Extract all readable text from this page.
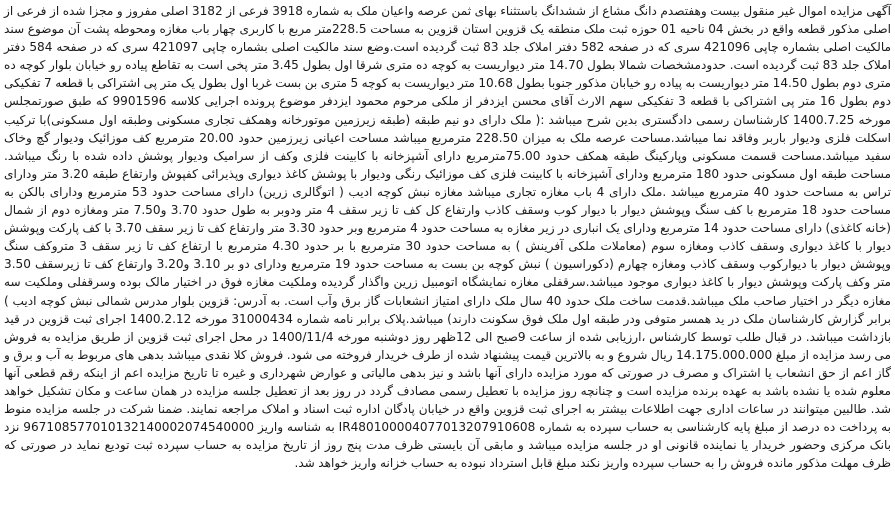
آگهی مزایده اموال غیر منقول بیست وهفتصدم دانگ مشاع از ششدانگ باستثناء بهای ثمن عرصه واعیان ملک به شماره 3918 فرعی از 3182 اصلی مفروز و مجزا شده از فرعی از اصلی مذکور قطعه واقع در بخش 04 ناحیه 01 حوزه ثبت ملک منطقه یک قزوین استان قزوین به مساحت 228.5متر مربع با کاربری چهار باب مغازه ومحوطه پشت آن موضوع سند مالکیت اصلی بشماره چاپی 421096 سری که در صفحه 582 دفتر املاک جلد 83 ثبت گردیده است.وضع سند مالکیت اصلی بشماره چاپی 421097 سری که در صفحه 584 دفتر املاک جلد 83 ثبت گردیده است. حدودمشخصات شمالا بطول 14.70 متر دیواریست به کوچه ده متری شرقا اول بطول 3.45 متر پخی است به تقاطع پیاده رو خیابان بلوار کوچه ده متری دوم بطول 14.50 متر دیواریست به پیاده رو خیابان مذکور جنوبا بطول 10.68 متر دیواریست به کوچه 5 متری بن بست غربا اول بطول یک متر پی اشتراکی با قطعه 7 تفکیکی دوم بطول 16 متر پی اشتراکی با قطعه 3 تفکیکی سهم الارث آقای محسن ایزدفر از ملکی مرحوم محمود ایزدفر موضوع پرونده اجرایی کلاسه 9901596 که طبق صورتمجلس مورخه 1400.7.25 کارشناسان رسمی دادگستری بدین شرح میباشد :( ملک دارای دو نیم طبقه (طبقه زیرزمین موتورخانه وهمکف تجاری مسکونی وطبقه اول مسکونی)با ترکیب اسکلت فلزی ودیوار باربر وفاقد نما میباشد.مساحت عرصه ملک به میزان 228.50 مترمربع میباشد مساحت اعیانی زیرزمین حدود 20.00 مترمربع کف موزائیک ودیوار گچ وخاک سفید میباشد.مساحت قسمت مسکونی وپارکینگ طبقه همکف حدود 75.00مترمربع دارای آشپزخانه با کابینت فلزی وکف از سرامیک ودیوار پوشش داده شده با رنگ میباشد. مساحت طبقه اول مسکونی حدود 180 مترمربع ودارای آشپزخانه با کابینت فلزی کف موزائیک رنگی ودیوار با پوشش کاغذ دیواری وپذیرائی کفپوش وارتفاع طبقه 3.20 متر ودارای تراس به مساحت حدود 40 مترمربع میباشد .ملک دارای 4 باب مغازه تجاری میباشد مغازه نبش کوچه ادیب ( اتوگالری زرین) دارای مساحت حدود 53 مترمربع ودارای بالکن به مساحت حدود 18 مترمربع با کف سنگ وپوشش دیوار با دیوار کوب وسقف کاذب وارتفاع کل کف تا زیر سقف 4 متر ودوبر به طول حدود 3.70 و7.50 متر ومغازه دوم از شمال (خانه کاغذی) دارای مساحت حدود 14 مترمربع ودارای یک انباری در زیر مغازه به مساحت حدود 4 مترمربع وبر حدود 3.30 متر وارتفاع کف تا زیر سقف 3.70 با کف پارکت وپوشش دیوار با کاغذ دیواری وسقف کاذب ومغازه سوم (معاملات ملکی آفرینش ) به مساحت حدود 30 مترمربع با بر حدود 4.30 مترمربع با ارتفاع کف تا زیر سقف 3 متروکف سنگ وپوشش دیوار با دیوارکوب وسقف کاذب ومغازه چهارم (دکوراسیون ) نبش کوچه بن بست به مساحت حدود 19 مترمربع ودارای دو بر 3.10 و3.20 وارتفاع کف تا زیرسقف 3.50 متر وکف پارکت وپوشش دیوار با کاغذ دیواری موجود میباشد.سرقفلی مغازه نمایشگاه اتومبیل زرین واگذار گردیده وملکیت مغازه فوق در اختیار مالک بوده وسرقفلی وملکیت سه مغازه دیگر در اختیار صاحب ملک میباشد.قدمت ساخت ملک حدود 40 سال ملک دارای امتیاز انشعابات گاز برق وآب است. به آدرس: قزوین بلوار مدرس شمالی نبش کوچه ادیب ) برابر گزارش کارشناسان ملک در ید همسر متوفی ودر طبقه اول ملک فوق سکونت دارند) میباشد.پلاک برابر نامه شماره 31000434 مورخه 1400.2.12 اجرای ثبت قزوین در قید بازداشت میباشد. در قبال طلب توسط کارشناس ،ارزیابی شده از ساعت 9صبح الی 12ظهر روز دوشنبه مورخه 1400/11/4 در محل اجرای ثبت قزوین از طریق مزایده به فروش می رسد مزایده از مبلغ 14.175.000.000 ریال شروع و به بالاترین قیمت پیشنهاد شده از طرف خریدار فروخته می شود. فروش کلا نقدی میباشد بدهی های مربوط به آب و برق و گاز اعم از حق انشعاب یا اشتراک و مصرف در صورتی که مورد مزایده دارای آنها باشد و نیز بدهی مالیاتی و عوارض شهرداری و غیره تا تاریخ مزایده اعم از اینکه رقم قطعی آنها معلوم شده یا نشده باشد به عهده برنده مزایده است و چنانچه روز مزایده با تعطیل رسمی مصادف گردد در روز بعد از تعطیل جلسه مزایده در همان ساعت و مکان تشکیل خواهد شد. طالبین میتوانند در ساعات اداری جهت اطلاعات بیشتر به اجرای ثبت قزوین واقع در خیابان پادگان اداره ثبت اسناد و املاک مراجعه نمایند. ضمنا شرکت در جلسه مزایده منوط به پرداخت ده درصد از مبلغ پایه کارشناسی به حساب سپرده به شماره IR480100004077013207910608 به شناسه واریز 967108577010132140002074540000 نزد بانک مرکزی وحضور خریدار یا نماینده قانونی او در جلسه مزایده میباشد و مابقی آن بایستی ظرف مدت پنج روز از تاریخ مزایده به حساب سپرده ثبت تودیع نماید در صورتی که ظرف مهلت مذکور مانده فروش را به حساب سپرده واریز نکند مبلغ قابل استرداد نبوده به حساب خزانه واریز خواهد شد.
